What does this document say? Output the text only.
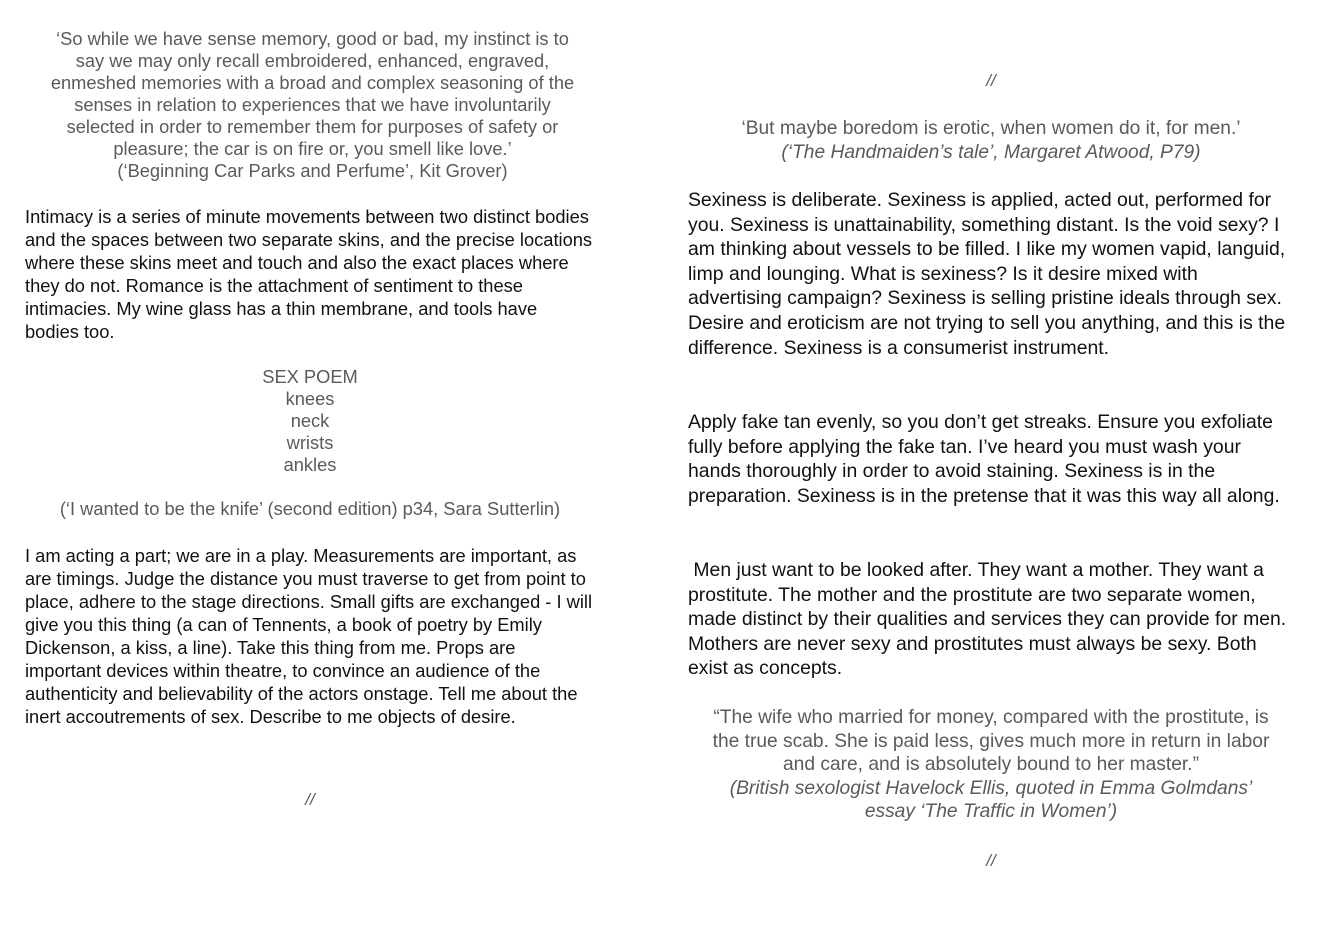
‘So while we have sense memory, good or bad, my instinct is to
say we may only recall embroidered, enhanced, engraved,
enmeshed memories with a broad and complex seasoning of the
senses in relation to experiences that we have involuntarily
selected in order to remember them for purposes of safety or
pleasure; the car is on fire or, you smell like love.’
(‘Beginning Car Parks and Perfume’, Kit Grover)

Intimacy is a series of minute movements between two distinct bodies and the spaces between two separate skins, and the precise locations where these skins meet and touch and also the exact places where they do not. Romance is the attachment of sentiment to these intimacies. My wine glass has a thin membrane, and tools have bodies too.

SEX POEM
knees
neck
wrists
ankles

(‘I wanted to be the knife’ (second edition) p34, Sara Sutterlin)

I am acting a part; we are in a play. Measurements are important, as are timings. Judge the distance you must traverse to get from point to place, adhere to the stage directions. Small gifts are exchanged - I will give you this thing (a can of Tennents, a book of poetry by Emily Dickenson, a kiss, a line). Take this thing from me. Props are important devices within theatre, to convince an audience of the authenticity and believability of the actors onstage. Tell me about the inert accoutrements of sex. Describe to me objects of desire.

//

//

‘But maybe boredom is erotic, when women do it, for men.’
(‘The Handmaiden’s tale’, Margaret Atwood, P79)

Sexiness is deliberate. Sexiness is applied, acted out, performed for you. Sexiness is unattainability, something distant. Is the void sexy? I am thinking about vessels to be filled. I like my women vapid, languid, limp and lounging. What is sexiness? Is it desire mixed with advertising campaign? Sexiness is selling pristine ideals through sex. Desire and eroticism are not trying to sell you anything, and this is the difference. Sexiness is a consumerist instrument.

Apply fake tan evenly, so you don’t get streaks. Ensure you exfoliate fully before applying the fake tan. I’ve heard you must wash your hands thoroughly in order to avoid staining. Sexiness is in the preparation. Sexiness is in the pretense that it was this way all along.

Men just want to be looked after. They want a mother. They want a prostitute. The mother and the prostitute are two separate women, made distinct by their qualities and services they can provide for men. Mothers are never sexy and prostitutes must always be sexy. Both exist as concepts.

“The wife who married for money, compared with the prostitute, is
the true scab. She is paid less, gives much more in return in labor
and care, and is absolutely bound to her master.”
(British sexologist Havelock Ellis, quoted in Emma Golmdans’
essay ‘The Traffic in Women’)

//
